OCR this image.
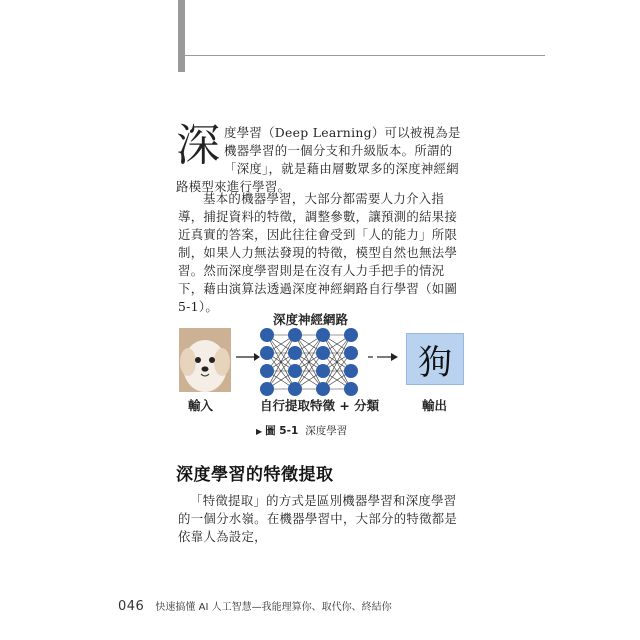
深 度學習（Deep Learning）可以被視為是機器學習的一個分支和升級版本。所謂的「深度」，就是藉由層數眾多的深度神經網路模型來進行學習。

基本的機器學習，大部分都需要人力介入指導，捕捉資料的特徵，調整參數，讓預測的結果接近真實的答案，因此往往會受到「人的能力」所限制，如果人力無法發現的特徵，模型自然也無法學習。然而深度學習則是在沒有人力手把手的情況下，藉由演算法透過深度神經網路自行學習（如圖 5-1）。

深度神經網路
狗
輸入	自行提取特徵 + 分類	輸出
▶ 圖 5-1 深度學習
深度學習的特徵提取

「特徵提取」的方式是區別機器學習和深度學習的一個分水嶺。在機器學習中，大部分的特徵都是依靠人為設定，

046 快速搞懂 AI 人工智慧—我能理算你、取代你、終結你
